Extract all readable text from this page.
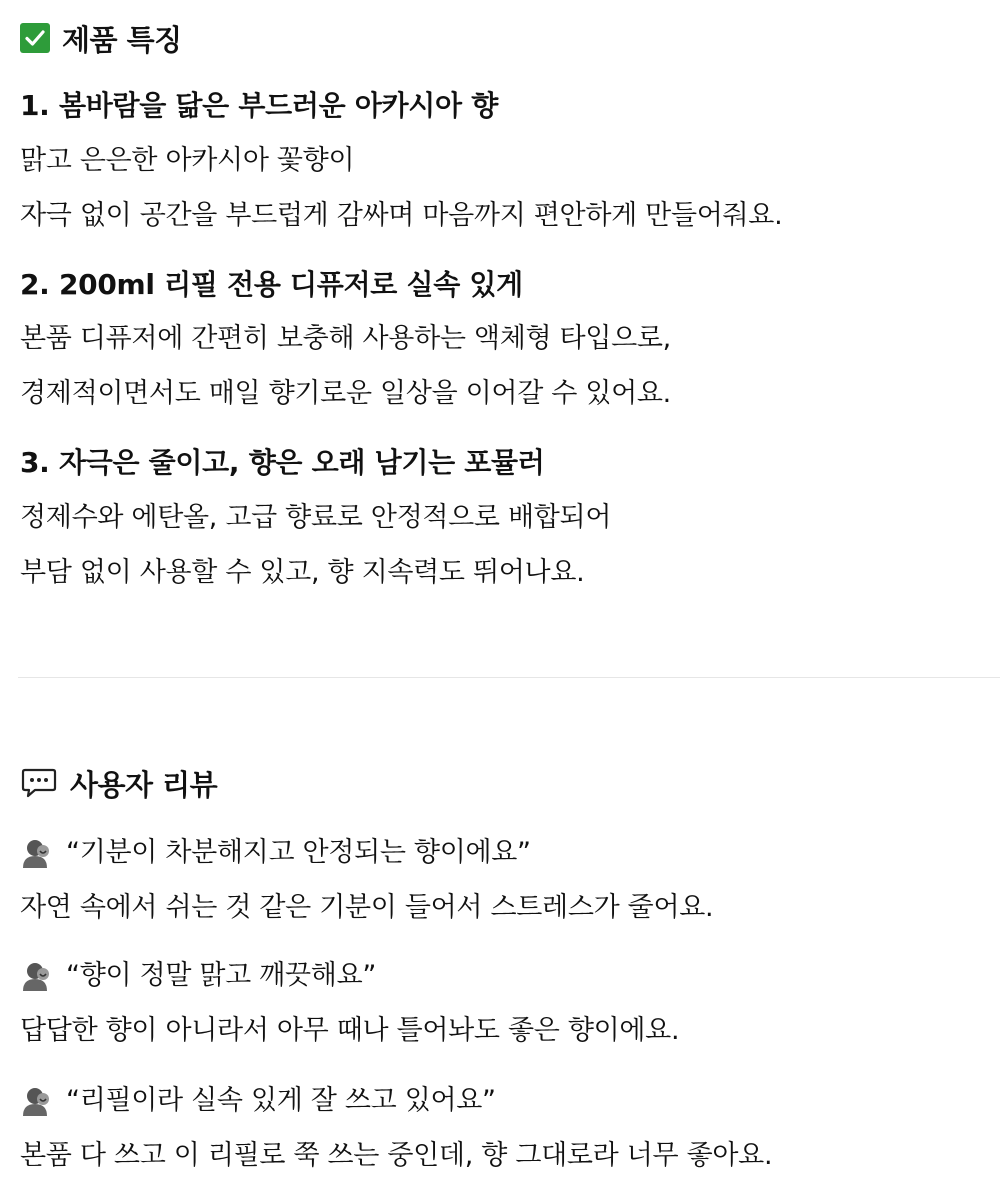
제품 특징
1. 봄바람을 닮은 부드러운 아카시아 향
맑고 은은한 아카시아 꽃향이
자극 없이 공간을 부드럽게 감싸며 마음까지 편안하게 만들어줘요.
2. 200ml 리필 전용 디퓨저로 실속 있게
본품 디퓨저에 간편히 보충해 사용하는 액체형 타입으로,
경제적이면서도 매일 향기로운 일상을 이어갈 수 있어요.
3. 자극은 줄이고, 향은 오래 남기는 포뮬러
정제수와 에탄올, 고급 향료로 안정적으로 배합되어
부담 없이 사용할 수 있고, 향 지속력도 뛰어나요.
사용자 리뷰
“기분이 차분해지고 안정되는 향이에요”
자연 속에서 쉬는 것 같은 기분이 들어서 스트레스가 줄어요.
“향이 정말 맑고 깨끗해요”
답답한 향이 아니라서 아무 때나 틀어놔도 좋은 향이에요.
“리필이라 실속 있게 잘 쓰고 있어요”
본품 다 쓰고 이 리필로 쭉 쓰는 중인데, 향 그대로라 너무 좋아요.
